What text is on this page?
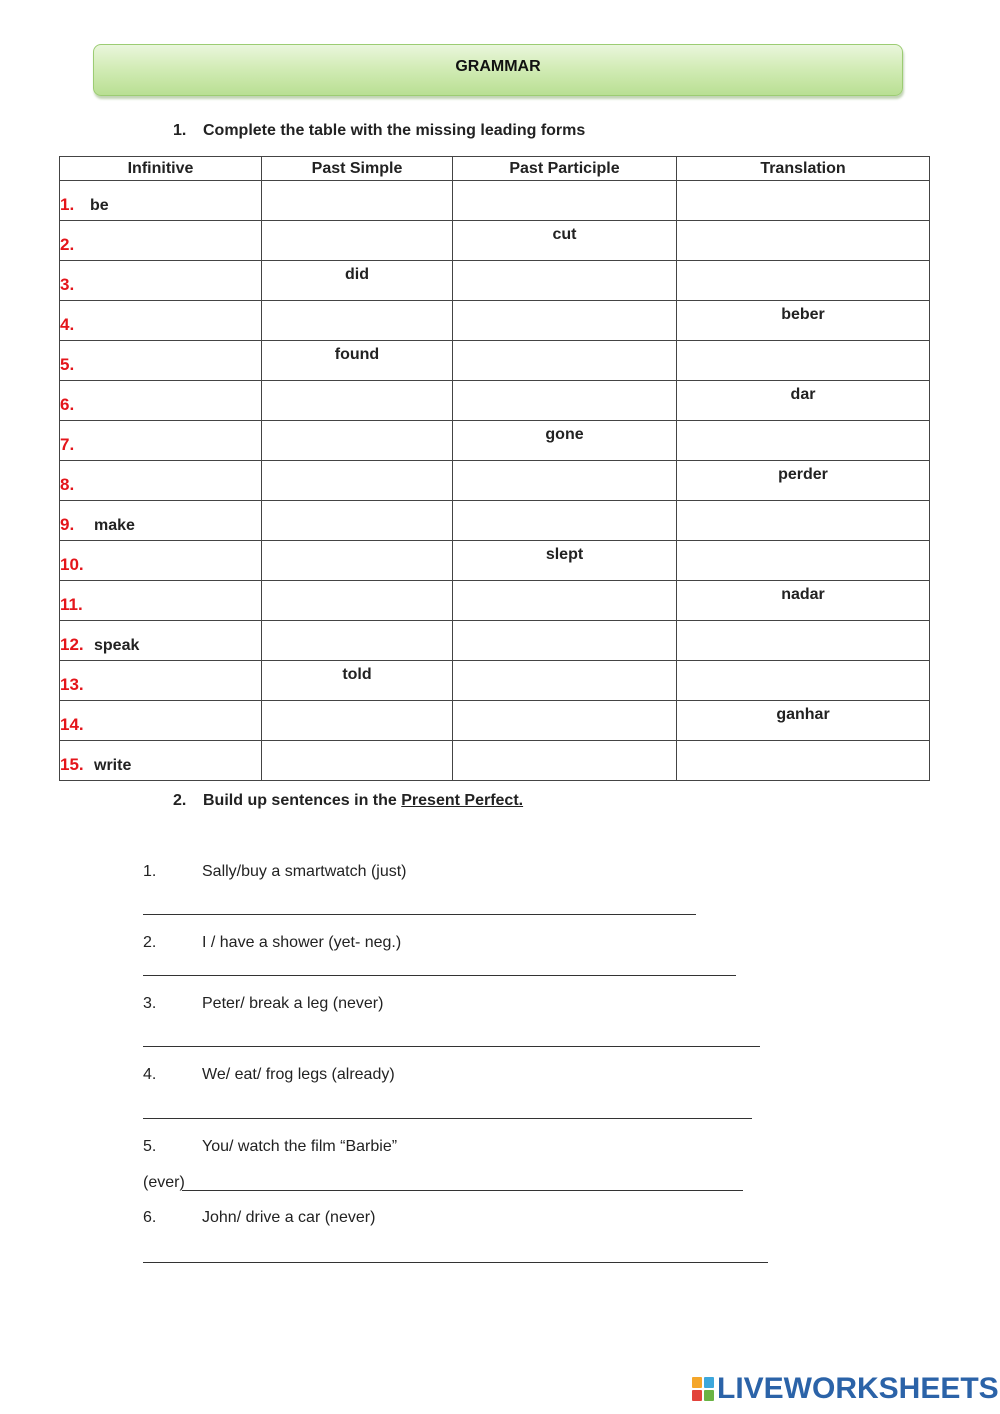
GRAMMAR
1. Complete the table with the missing leading forms
Infinitive	Past Simple	Past Participle	Translation

1. be			

2.		cut	

3.	did		

4.			beber

5.	found		

6.			dar

7.		gone	

8.			perder

9. make			

10.		slept	

11.			nadar

12. speak			

13.	told		

14.			ganhar

15. write			

2. Build up sentences in the Present Perfect.
1.	Sally/buy a smartwatch (just)
2.	I / have a shower (yet- neg.)
3.	Peter/ break a leg (never)
4.	We/ eat/ frog legs (already)
5.	You/ watch the film “Barbie”
(ever)
6.	John/ drive a car (never)
LIVEWORKSHEETS
